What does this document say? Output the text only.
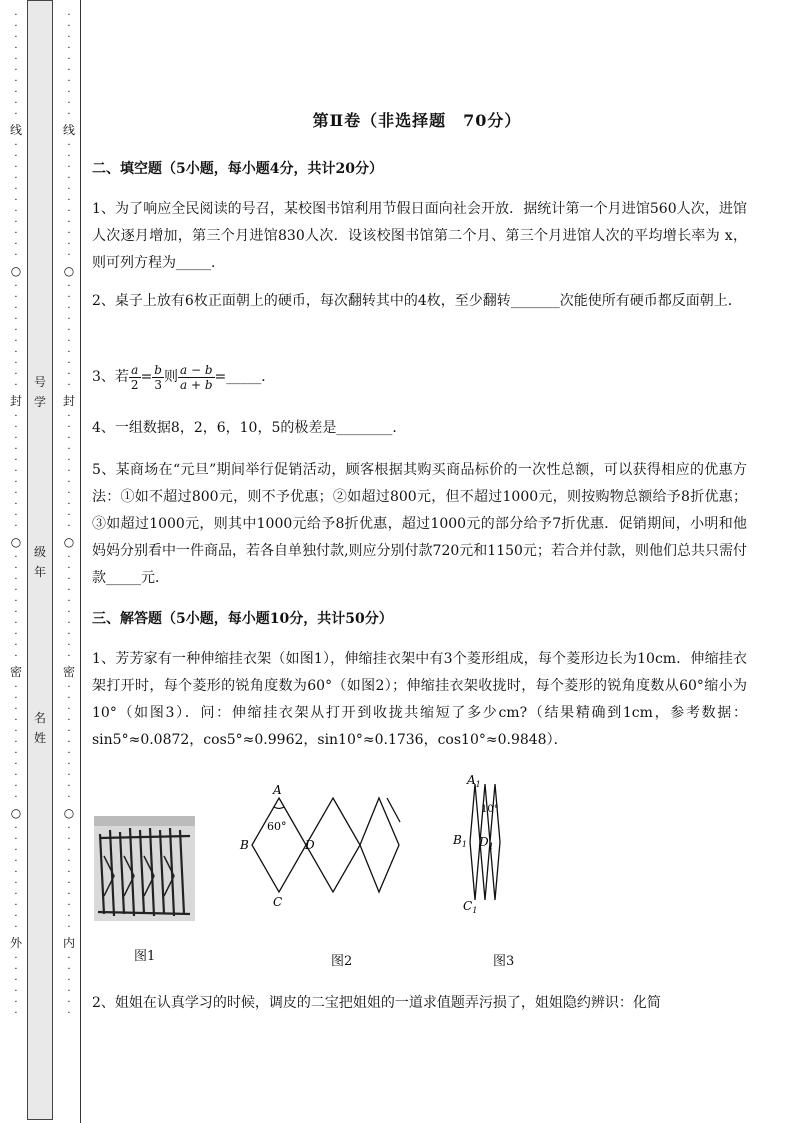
·
·
·
·
·
·
·
·
·
·
线
·
·
·
·
·
·
·
·
·
·
·
○
·
·
·
·
·
·
·
·
·
·
封
·
·
·
·
·
·
·
·
·
·
·
○
·
·
·
·
·
·
·
·
·
·
密
·
·
·
·
·
·
·
·
·
·
·
○
·
·
·
·
·
·
·
·
·
·
外
·
·
·
·
·
·
·
·
·
·
·
·
·
·
·
·
线
·
·
·
·
·
·
·
·
·
·
·
○
·
·
·
·
·
·
·
·
·
·
封
·
·
·
·
·
·
·
·
·
·
·
○
·
·
·
·
·
·
·
·
·
·
密
·
·
·
·
·
·
·
·
·
·
·
○
·
·
·
·
·
·
·
·
·
·
内
·
·
·
·
·
·
号学
级年
名姓
第Ⅱ卷（非选择题　70分）
二、填空题（5小题，每小题4分，共计20分）
1、为了响应全民阅读的号召，某校图书馆利用节假日面向社会开放．据统计第一个月进馆560人次，进馆人次逐月增加，第三个月进馆830人次．设该校图书馆第二个月、第三个月进馆人次的平均增长率为 x，则可列方程为_____．
2、桌子上放有6枚正面朝上的硬币，每次翻转其中的4枚，至少翻转_______次能使所有硬币都反面朝上．
3、若 $\frac{a}{2} = \frac{b}{3}$ 则 $\frac{a - b}{a + b}$ =_____．
4、一组数据8，2，6，10，5的极差是________．
5、某商场在“元旦”期间举行促销活动，顾客根据其购买商品标价的一次性总额，可以获得相应的优惠方法：①如不超过800元，则不予优惠；②如超过800元，但不超过1000元，则按购物总额给予8折优惠；③如超过1000元，则其中1000元给予8折优惠，超过1000元的部分给予7折优惠．促销期间，小明和他妈妈分别看中一件商品，若各自单独付款,则应分别付款720元和1150元；若合并付款，则他们总共只需付款_____元．
三、解答题（5小题，每小题10分，共计50分）
1、芳芳家有一种伸缩挂衣架（如图1），伸缩挂衣架中有3个菱形组成，每个菱形边长为10cm．伸缩挂衣架打开时，每个菱形的锐角度数为60°（如图2）；伸缩挂衣架收拢时，每个菱形的锐角度数从60°缩小为10°（如图3）．问：伸缩挂衣架从打开到收拢共缩短了多少cm?（结果精确到1cm，参考数据：sin5°≈0.0872，cos5°≈0.9962，sin10°≈0.1736，cos10°≈0.9848）．
图1
A
60°
B	D
C
图2
$A_1$
10°
$B_1$ $D_1$
$C_1$
图3
2、姐姐在认真学习的时候，调皮的二宝把姐姐的一道求值题弄污损了，姐姐隐约辨识：化简
